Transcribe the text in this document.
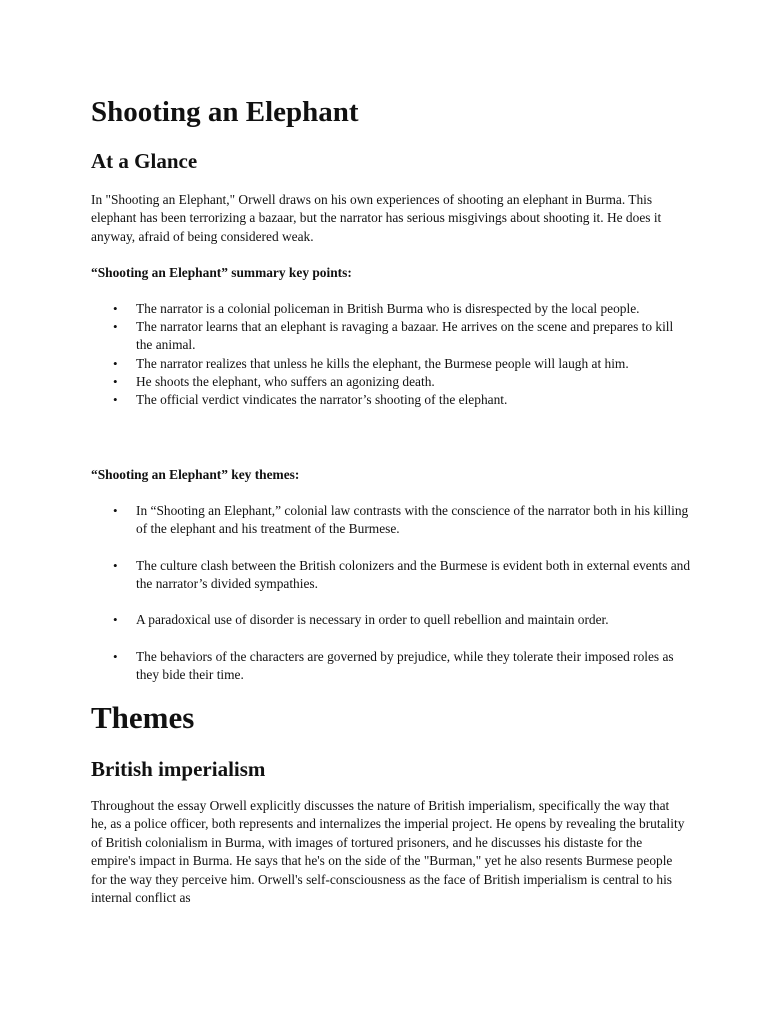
Shooting an Elephant
At a Glance

In "Shooting an Elephant," Orwell draws on his own experiences of shooting an elephant in Burma. This elephant has been terrorizing a bazaar, but the narrator has serious misgivings about shooting it. He does it anyway, afraid of being considered weak.

“Shooting an Elephant” summary key points:
• The narrator is a colonial policeman in British Burma who is disrespected by the local people.
• The narrator learns that an elephant is ravaging a bazaar. He arrives on the scene and prepares to kill the animal.
• The narrator realizes that unless he kills the elephant, the Burmese people will laugh at him.
• He shoots the elephant, who suffers an agonizing death.
• The official verdict vindicates the narrator’s shooting of the elephant.
“Shooting an Elephant” key themes:
• In “Shooting an Elephant,” colonial law contrasts with the conscience of the narrator both in his killing of the elephant and his treatment of the Burmese.
• The culture clash between the British colonizers and the Burmese is evident both in external events and the narrator’s divided sympathies.
• A paradoxical use of disorder is necessary in order to quell rebellion and maintain order.
• The behaviors of the characters are governed by prejudice, while they tolerate their imposed roles as they bide their time.
Themes
British imperialism

Throughout the essay Orwell explicitly discusses the nature of British imperialism, specifically the way that he, as a police officer, both represents and internalizes the imperial project. He opens by revealing the brutality of British colonialism in Burma, with images of tortured prisoners, and he discusses his distaste for the empire's impact in Burma. He says that he's on the side of the "Burman," yet he also resents Burmese people for the way they perceive him. Orwell's self-consciousness as the face of British imperialism is central to his internal conflict as
